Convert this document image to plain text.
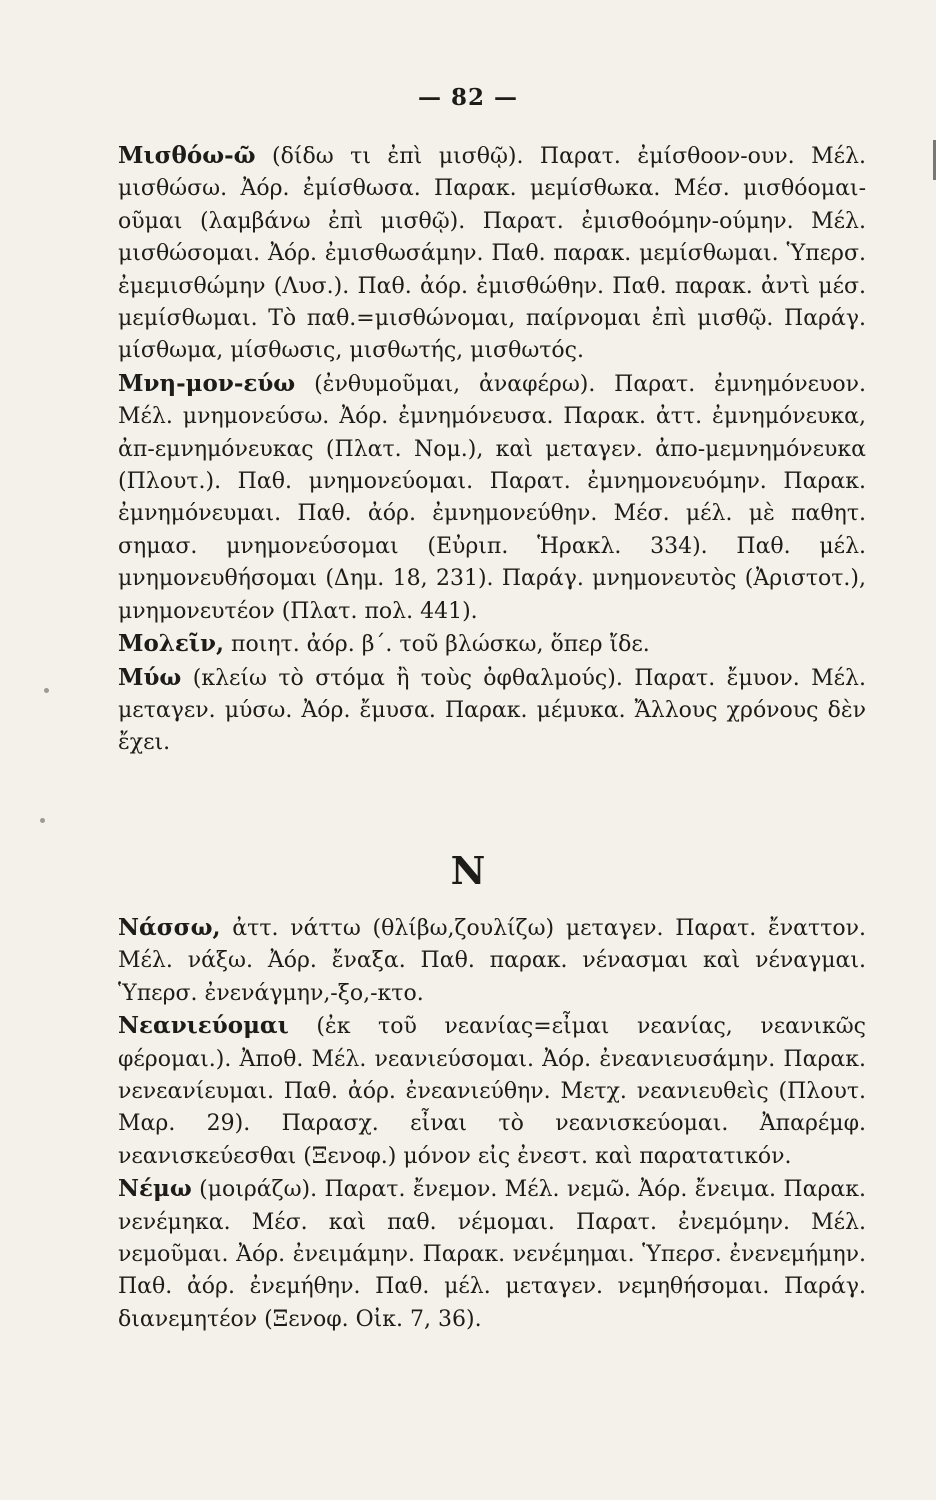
— 82 —

Μισθόω-ῶ (δίδω τι ἐπὶ μισθῷ). Παρατ. ἐμίσθοον-ουν. Μέλ. μισθώσω. Ἀόρ. ἐμίσθωσα. Παρακ. μεμίσθωκα. Μέσ. μισθόομαι-οῦμαι (λαμβάνω ἐπὶ μισθῷ). Παρατ. ἐμισθοόμην-ούμην. Μέλ. μισθώσομαι. Ἀόρ. ἐμισθωσάμην. Παθ. παρακ. μεμίσθωμαι. Ὑπερσ. ἐμεμισθώμην (Λυσ.). Παθ. ἀόρ. ἐμισθώθην. Παθ. παρακ. ἀντὶ μέσ. μεμίσθωμαι. Τὸ παθ.=μισθώνομαι, παίρνομαι ἐπὶ μισθῷ. Παράγ. μίσθωμα, μίσθωσις, μισθωτής, μισθωτός.

Μνη-μον-εύω (ἐνθυμοῦμαι, ἀναφέρω). Παρατ. ἐμνημόνευον. Μέλ. μνημονεύσω. Ἀόρ. ἐμνημόνευσα. Παρακ. ἀττ. ἐμνημόνευκα, ἀπ-εμνημόνευκας (Πλατ. Νομ.), καὶ μεταγεν. ἀπο-μεμνημόνευκα (Πλουτ.). Παθ. μνημονεύομαι. Παρατ. ἐμνημονευόμην. Παρακ. ἐμνημόνευμαι. Παθ. ἀόρ. ἐμνημονεύθην. Μέσ. μέλ. μὲ παθητ. σημασ. μνημονεύσομαι (Εὐριπ. Ἡρακλ. 334). Παθ. μέλ. μνημονευθήσομαι (Δημ. 18, 231). Παράγ. μνημονευτὸς (Ἀριστοτ.), μνημονευτέον (Πλατ. πολ. 441).

Μολεῖν, ποιητ. ἀόρ. β΄. τοῦ βλώσκω, ὅπερ ἴδε.

Μύω (κλείω τὸ στόμα ἢ τοὺς ὀφθαλμούς). Παρατ. ἔμυον. Μέλ. μεταγεν. μύσω. Ἀόρ. ἔμυσα. Παρακ. μέμυκα. Ἄλλους χρόνους δὲν ἔχει.

N

Νάσσω, ἀττ. νάττω (θλίβω,ζουλίζω) μεταγεν. Παρατ. ἔναττον. Μέλ. νάξω. Ἀόρ. ἔναξα. Παθ. παρακ. νένασμαι καὶ νέναγμαι. Ὑπερσ. ἐνενάγμην,-ξο,-κτο.

Νεανιεύομαι (ἐκ τοῦ νεανίας=εἶμαι νεανίας, νεανικῶς φέρομαι.). Ἀποθ. Μέλ. νεανιεύσομαι. Ἀόρ. ἐνεανιευσάμην. Παρακ. νενεανίευμαι. Παθ. ἀόρ. ἐνεανιεύθην. Μετχ. νεανιευθεὶς (Πλουτ. Μαρ. 29). Παρασχ. εἶναι τὸ νεανισκεύομαι. Ἀπαρέμφ. νεανισκεύεσθαι (Ξενοφ.) μόνον εἰς ἐνεστ. καὶ παρατατικόν.

Νέμω (μοιράζω). Παρατ. ἔνεμον. Μέλ. νεμῶ. Ἀόρ. ἔνειμα. Παρακ. νενέμηκα. Μέσ. καὶ παθ. νέμομαι. Παρατ. ἐνεμόμην. Μέλ. νεμοῦμαι. Ἀόρ. ἐνειμάμην. Παρακ. νενέμημαι. Ὑπερσ. ἐνενεμήμην. Παθ. ἀόρ. ἐνεμήθην. Παθ. μέλ. μεταγεν. νεμηθήσομαι. Παράγ. διανεμητέον (Ξενοφ. Οἰκ. 7, 36).
